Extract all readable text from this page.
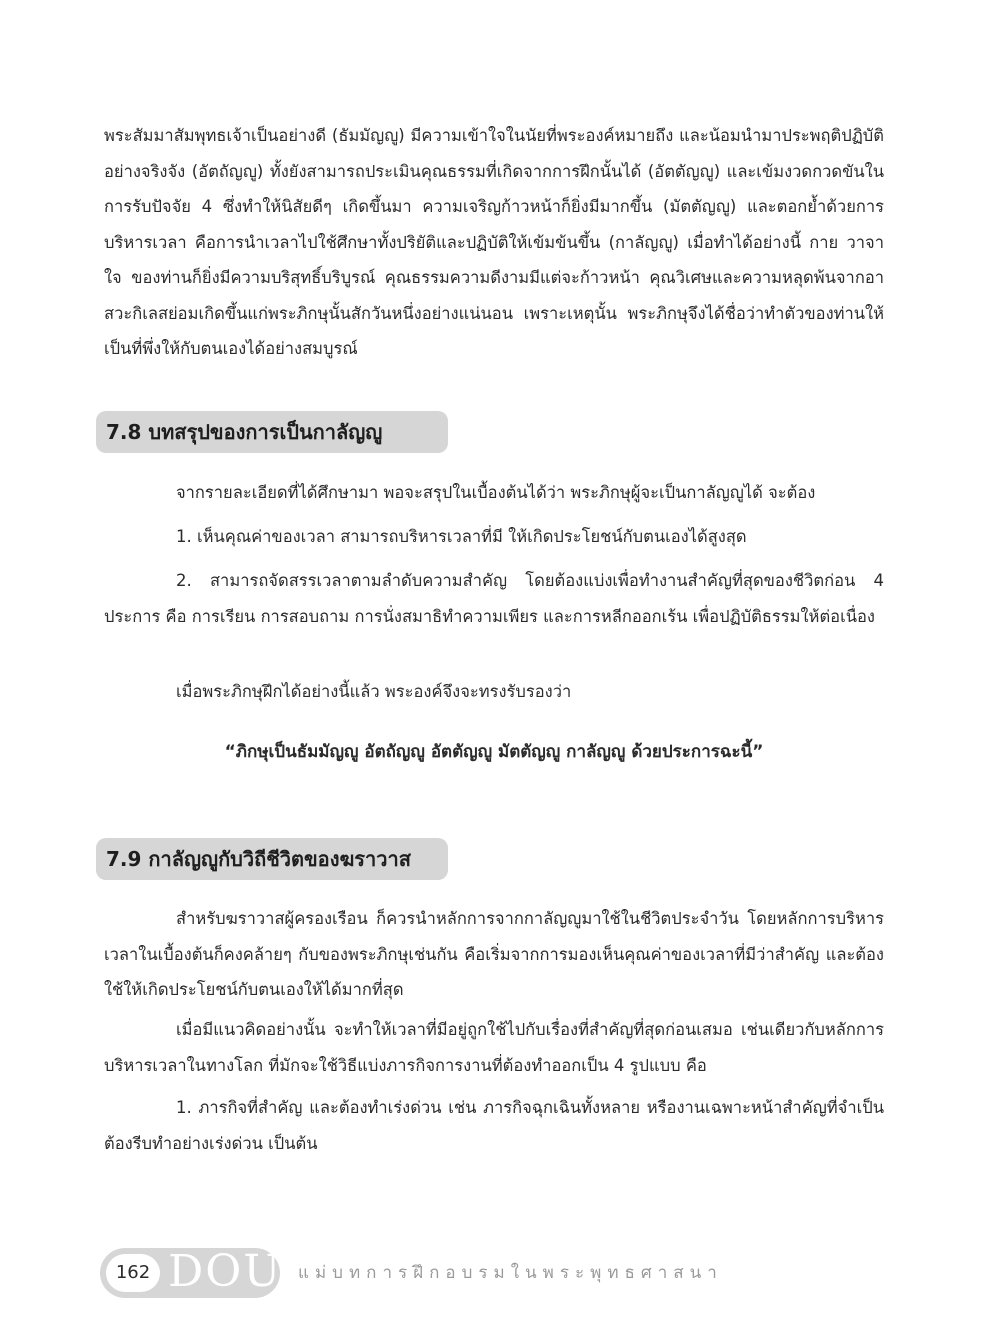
พระสัมมาสัมพุทธเจ้าเป็นอย่างดี (ธัมมัญญู) มีความเข้าใจในนัยที่พระองค์หมายถึง และน้อมนำมาประพฤติปฏิบัติอย่างจริงจัง (อัตถัญญู) ทั้งยังสามารถประเมินคุณธรรมที่เกิดจากการฝึกนั้นได้ (อัตตัญญู) และเข้มงวดกวดขันในการรับปัจจัย 4 ซึ่งทำให้นิสัยดีๆ เกิดขึ้นมา ความเจริญก้าวหน้าก็ยิ่งมีมากขึ้น (มัตตัญญู) และตอกย้ำด้วยการบริหารเวลา คือการนำเวลาไปใช้ศึกษาทั้งปริยัติและปฏิบัติให้เข้มข้นขึ้น (กาลัญญู) เมื่อทำได้อย่างนี้ กาย วาจา ใจ ของท่านก็ยิ่งมีความบริสุทธิ์บริบูรณ์ คุณธรรมความดีงามมีแต่จะก้าวหน้า คุณวิเศษและความหลุดพ้นจากอาสวะกิเลสย่อมเกิดขึ้นแก่พระภิกษุนั้นสักวันหนึ่งอย่างแน่นอน เพราะเหตุนั้น พระภิกษุจึงได้ชื่อว่าทำตัวของท่านให้เป็นที่พึ่งให้กับตนเองได้อย่างสมบูรณ์

7.8 บทสรุปของการเป็นกาลัญญู

จากรายละเอียดที่ได้ศึกษามา พอจะสรุปในเบื้องต้นได้ว่า พระภิกษุผู้จะเป็นกาลัญญูได้ จะต้อง

1. เห็นคุณค่าของเวลา สามารถบริหารเวลาที่มี ให้เกิดประโยชน์กับตนเองได้สูงสุด

2. สามารถจัดสรรเวลาตามลำดับความสำคัญ โดยต้องแบ่งเพื่อทำงานสำคัญที่สุดของชีวิตก่อน 4 ประการ คือ การเรียน การสอบถาม การนั่งสมาธิทำความเพียร และการหลีกออกเร้น เพื่อปฏิบัติธรรมให้ต่อเนื่อง

เมื่อพระภิกษุฝึกได้อย่างนี้แล้ว พระองค์จึงจะทรงรับรองว่า

“ภิกษุเป็นธัมมัญญู อัตถัญญู อัตตัญญู มัตตัญญู กาลัญญู ด้วยประการฉะนี้”

7.9 กาลัญญูกับวิถีชีวิตของฆราวาส

สำหรับฆราวาสผู้ครองเรือน ก็ควรนำหลักการจากกาลัญญูมาใช้ในชีวิตประจำวัน โดยหลักการบริหารเวลาในเบื้องต้นก็คงคล้ายๆ กับของพระภิกษุเช่นกัน คือเริ่มจากการมองเห็นคุณค่าของเวลาที่มีว่าสำคัญ และต้องใช้ให้เกิดประโยชน์กับตนเองให้ได้มากที่สุด

เมื่อมีแนวคิดอย่างนั้น จะทำให้เวลาที่มีอยู่ถูกใช้ไปกับเรื่องที่สำคัญที่สุดก่อนเสมอ เช่นเดียวกับหลักการบริหารเวลาในทางโลก ที่มักจะใช้วิธีแบ่งภารกิจการงานที่ต้องทำออกเป็น 4 รูปแบบ คือ

1. ภารกิจที่สำคัญ และต้องทำเร่งด่วน เช่น ภารกิจฉุกเฉินทั้งหลาย หรืองานเฉพาะหน้าสำคัญที่จำเป็นต้องรีบทำอย่างเร่งด่วน เป็นต้น

162 DOU แม่บทการฝึกอบรมในพระพุทธศาสนา
